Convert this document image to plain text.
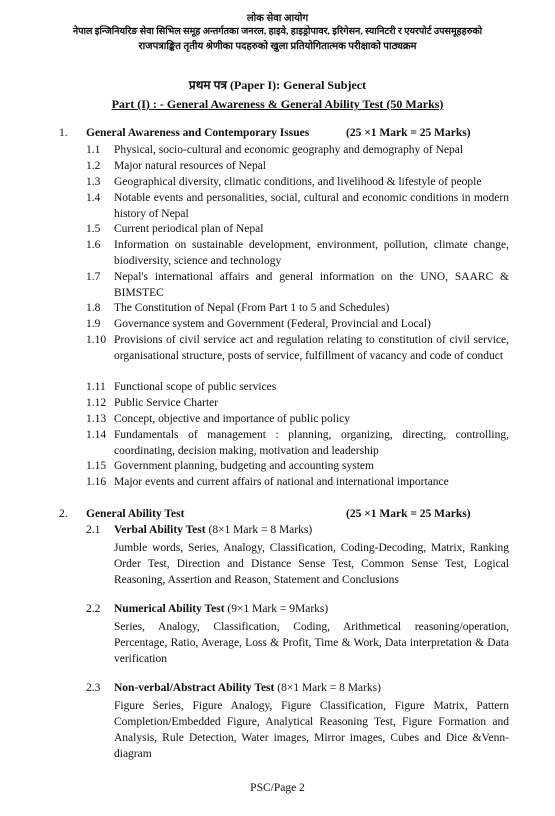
लोक सेवा आयोग
नेपाल इन्जिनियरिङ सेवा सिभिल समूह अन्तर्गतका जनरल, हाइवे, हाइड्रोपावर, इरिगेसन, स्यानिटरी र एयरपोर्ट उपसमूहहरुको
राजपत्राङ्कित तृतीय श्रेणीका पदहरुको खुला प्रतियोगितात्मक परीक्षाको पाठ्यक्रम
प्रथम पत्र (Paper I): General Subject
Part (I) : - General Awareness & General Ability Test (50 Marks)
1. General Awareness and Contemporary Issues	(25 ×1 Mark = 25 Marks)
1.1 Physical, socio-cultural and economic geography and demography of Nepal
1.2 Major natural resources of Nepal
1.3 Geographical diversity, climatic conditions, and livelihood & lifestyle of people
1.4 Notable events and personalities, social, cultural and economic conditions in modern history of Nepal
1.5 Current periodical plan of Nepal
1.6 Information on sustainable development, environment, pollution, climate change, biodiversity, science and technology
1.7 Nepal's international affairs and general information on the UNO, SAARC & BIMSTEC
1.8 The Constitution of Nepal (From Part 1 to 5 and Schedules)
1.9 Governance system and Government (Federal, Provincial and Local)
1.10 Provisions of civil service act and regulation relating to constitution of civil service, organisational structure, posts of service, fulfillment of vacancy and code of conduct
1.11 Functional scope of public services
1.12 Public Service Charter
1.13 Concept, objective and importance of public policy
1.14 Fundamentals of management : planning, organizing, directing, controlling, coordinating, decision making, motivation and leadership
1.15 Government planning, budgeting and accounting system
1.16 Major events and current affairs of national and international importance
2. General Ability Test	(25 ×1 Mark = 25 Marks)
2.1 Verbal Ability Test (8×1 Mark = 8 Marks)
Jumble words, Series, Analogy, Classification, Coding-Decoding, Matrix, Ranking Order Test, Direction and Distance Sense Test, Common Sense Test, Logical Reasoning, Assertion and Reason, Statement and Conclusions
2.2 Numerical Ability Test (9×1 Mark = 9Marks)
Series, Analogy, Classification, Coding, Arithmetical reasoning/operation, Percentage, Ratio, Average, Loss & Profit, Time & Work, Data interpretation & Data verification
2.3 Non-verbal/Abstract Ability Test (8×1 Mark = 8 Marks)
Figure Series, Figure Analogy, Figure Classification, Figure Matrix, Pattern Completion/Embedded Figure, Analytical Reasoning Test, Figure Formation and Analysis, Rule Detection, Water images, Mirror images, Cubes and Dice &Venn-diagram
PSC/Page 2
